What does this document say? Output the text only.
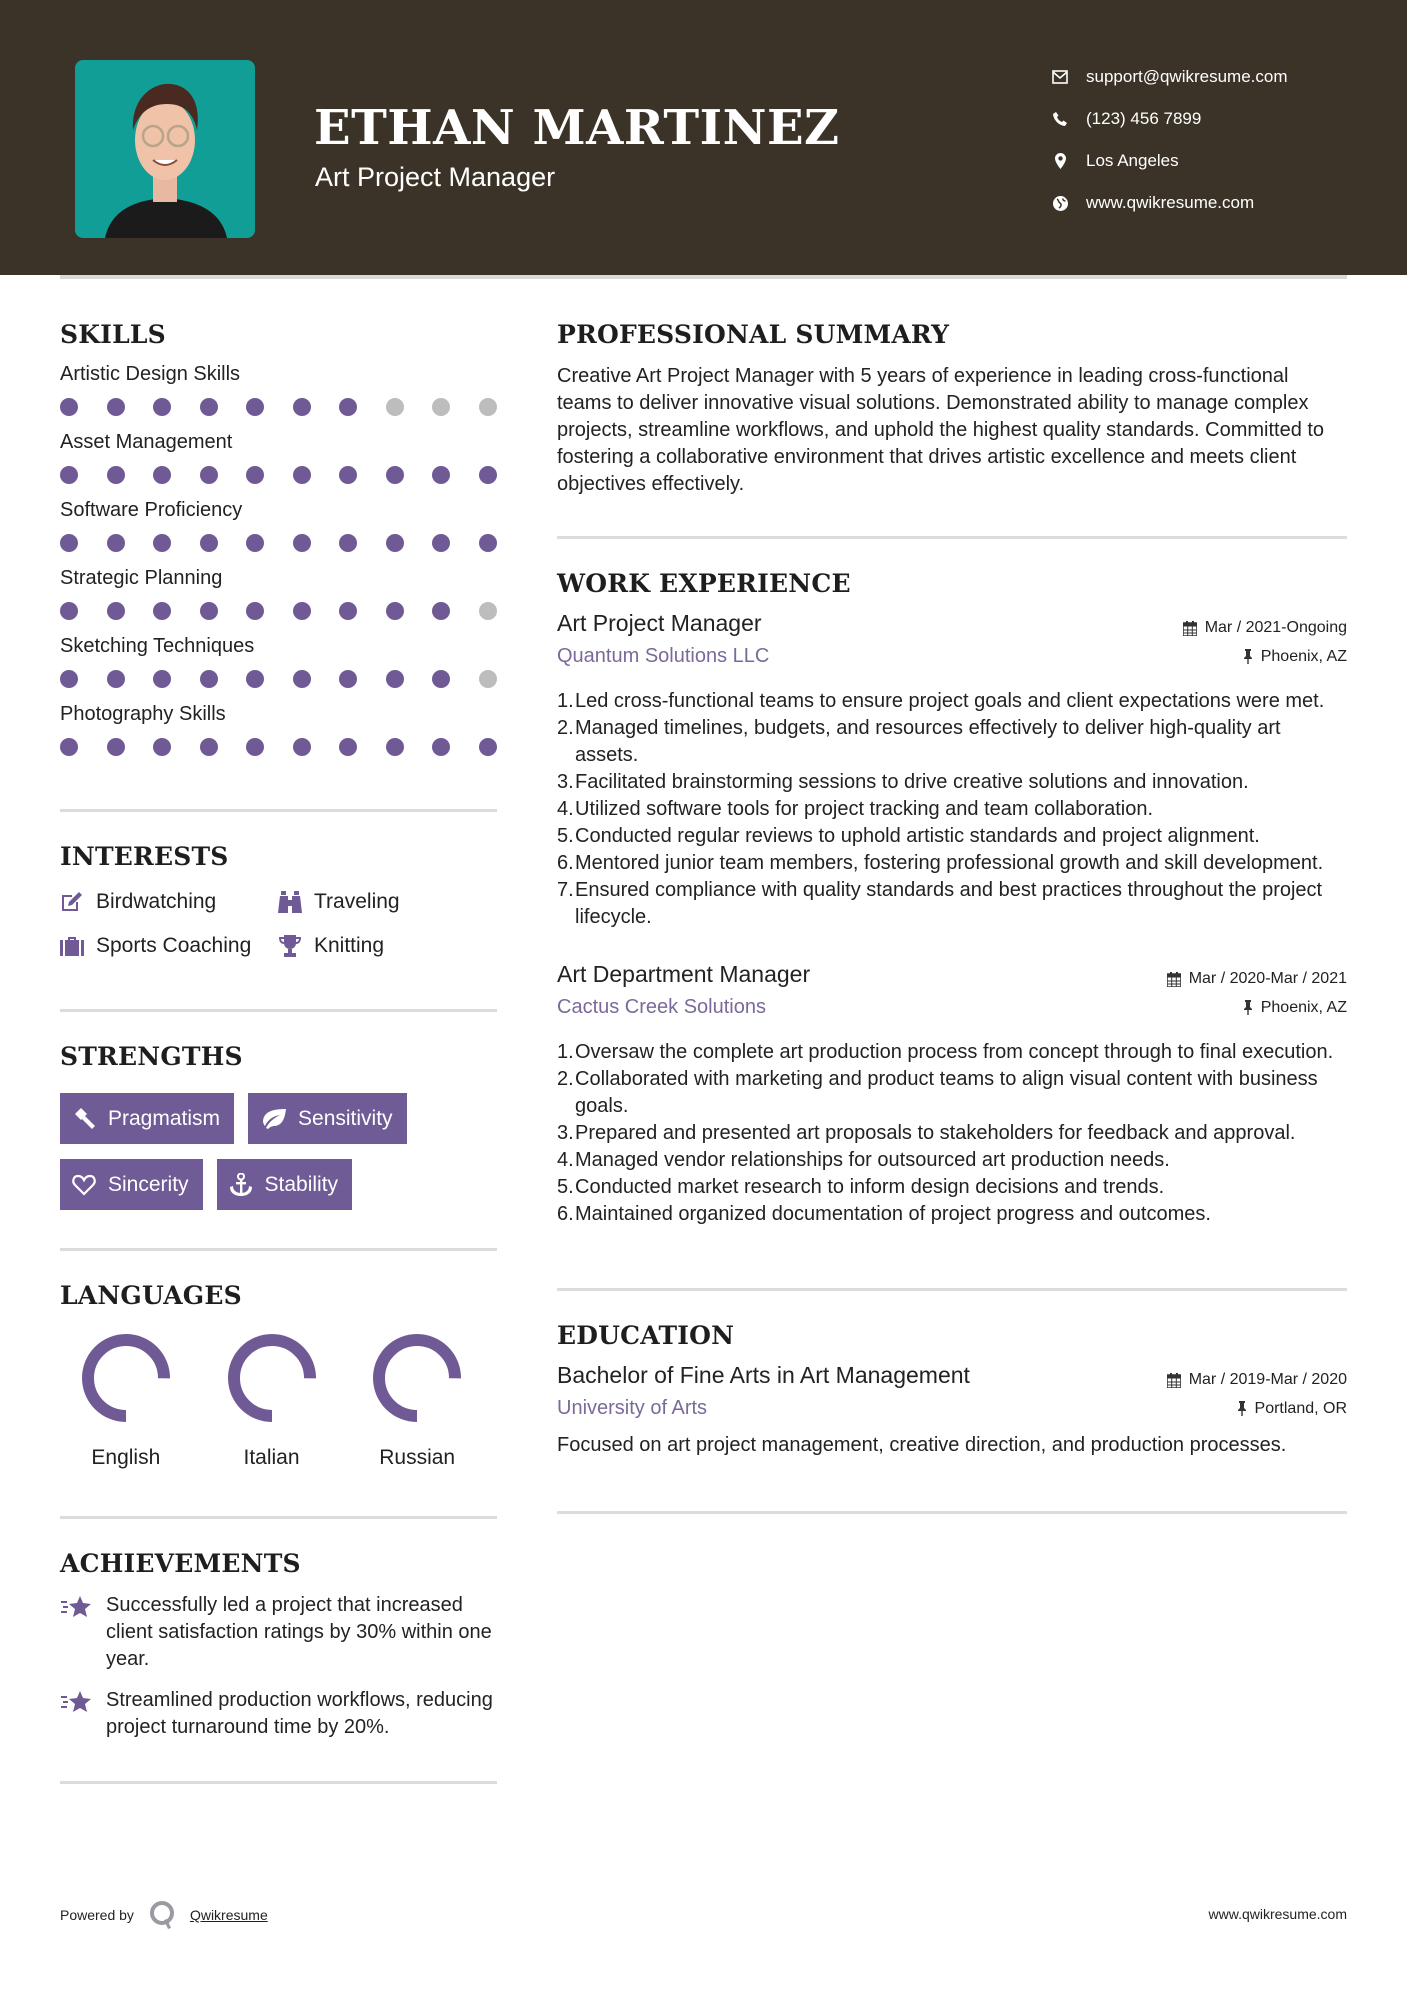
ETHAN MARTINEZ
Art Project Manager
support@qwikresume.com
(123) 456 7899
Los Angeles
www.qwikresume.com
SKILLS
Artistic Design Skills
Asset Management
Software Proficiency
Strategic Planning
Sketching Techniques
Photography Skills
INTERESTS
Birdwatching	Traveling
Sports Coaching	Knitting
STRENGTHS
Pragmatism	Sensitivity
Sincerity	Stability
LANGUAGES
English	Italian	Russian
ACHIEVEMENTS
Successfully led a project that increased client satisfaction ratings by 30% within one year.
Streamlined production workflows, reducing project turnaround time by 20%.
PROFESSIONAL SUMMARY

Creative Art Project Manager with 5 years of experience in leading cross-functional teams to deliver innovative visual solutions. Demonstrated ability to manage complex projects, streamline workflows, and uphold the highest quality standards. Committed to fostering a collaborative environment that drives artistic excellence and meets client objectives effectively.

WORK EXPERIENCE
Art Project Manager	Mar / 2021-Ongoing
Quantum Solutions LLC	Phoenix, AZ
1. Led cross-functional teams to ensure project goals and client expectations were met.
2. Managed timelines, budgets, and resources effectively to deliver high-quality art assets.
3. Facilitated brainstorming sessions to drive creative solutions and innovation.
4. Utilized software tools for project tracking and team collaboration.
5. Conducted regular reviews to uphold artistic standards and project alignment.
6. Mentored junior team members, fostering professional growth and skill development.
7. Ensured compliance with quality standards and best practices throughout the project lifecycle.
Art Department Manager	Mar / 2020-Mar / 2021
Cactus Creek Solutions	Phoenix, AZ
1. Oversaw the complete art production process from concept through to final execution.
2. Collaborated with marketing and product teams to align visual content with business goals.
3. Prepared and presented art proposals to stakeholders for feedback and approval.
4. Managed vendor relationships for outsourced art production needs.
5. Conducted market research to inform design decisions and trends.
6. Maintained organized documentation of project progress and outcomes.
EDUCATION
Bachelor of Fine Arts in Art Management	Mar / 2019-Mar / 2020
University of Arts	Portland, OR

Focused on art project management, creative direction, and production processes.

Powered by	Qwikresume	www.qwikresume.com
